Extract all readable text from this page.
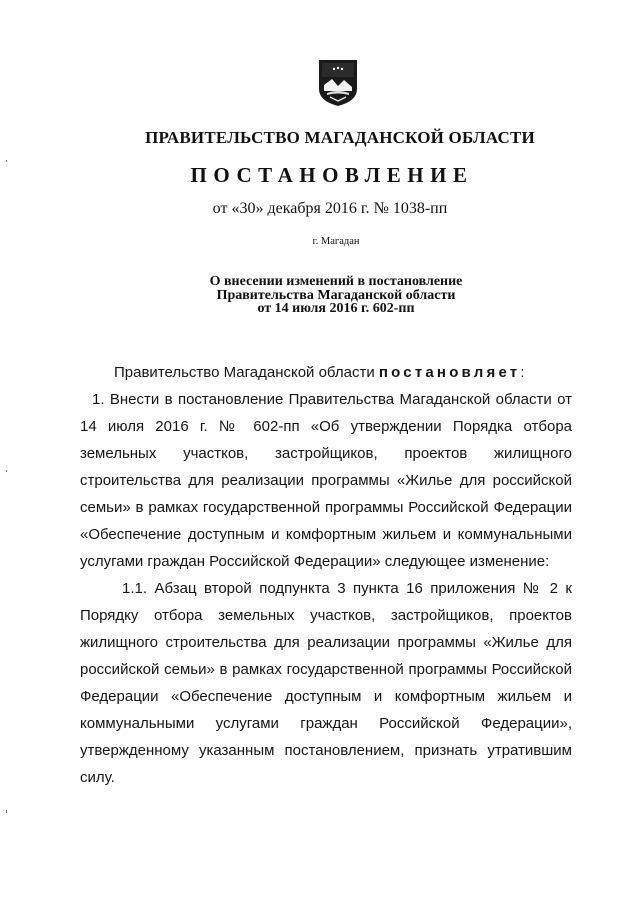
ПРАВИТЕЛЬСТВО МАГАДАНСКОЙ ОБЛАСТИ

ПОСТАНОВЛЕНИЕ

от «30» декабря 2016 г. № 1038-пп

г. Магадан

О внесении изменений в постановление
Правительства Магаданской области
от 14 июля 2016 г. 602-пп

Правительство Магаданской области постановляет:

1. Внести в постановление Правительства Магаданской области от 14 июля 2016 г. № 602-пп «Об утверждении Порядка отбора земельных участков, застройщиков, проектов жилищного строительства для реализации программы «Жилье для российской семьи» в рамках государственной программы Российской Федерации «Обеспечение доступным и комфортным жильем и коммунальными услугами граждан Российской Федерации» следующее изменение:

1.1. Абзац второй подпункта 3 пункта 16 приложения № 2 к Порядку отбора земельных участков, застройщиков, проектов жилищного строительства для реализации программы «Жилье для российской семьи» в рамках государственной программы Российской Федерации «Обеспечение доступным и комфортным жильем и коммунальными услугами граждан Российской Федерации», утвержденному указанным постановлением, признать утратившим силу.
